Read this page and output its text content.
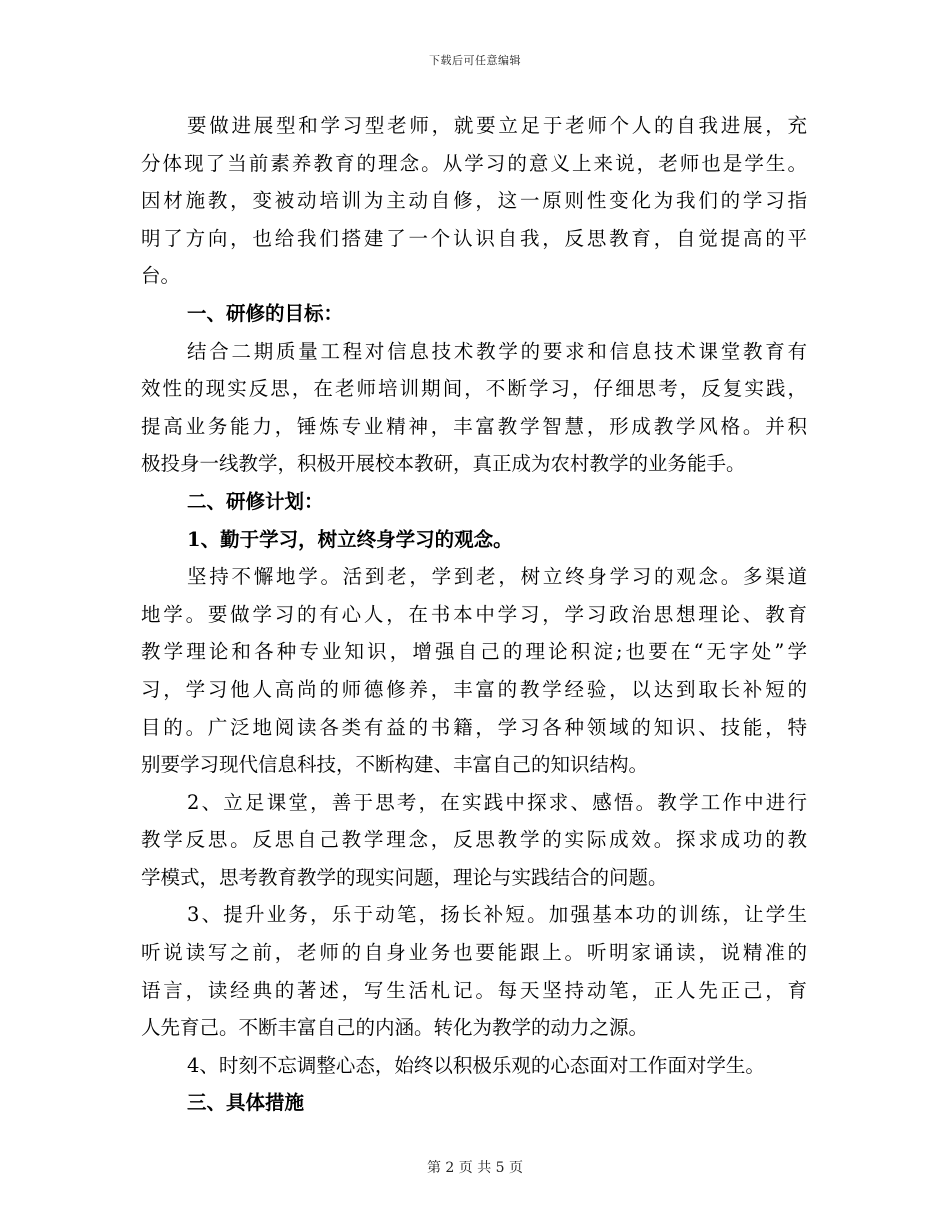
下载后可任意编辑
要做进展型和学习型老师，就要立足于老师个人的自我进展，充
分体现了当前素养教育的理念。从学习的意义上来说，老师也是学生。
因材施教，变被动培训为主动自修，这一原则性变化为我们的学习指
明了方向，也给我们搭建了一个认识自我，反思教育，自觉提高的平
台。
一、研修的目标：
结合二期质量工程对信息技术教学的要求和信息技术课堂教育有
效性的现实反思，在老师培训期间，不断学习，仔细思考，反复实践，
提高业务能力，锤炼专业精神，丰富教学智慧，形成教学风格。并积
极投身一线教学，积极开展校本教研，真正成为农村教学的业务能手。
二、研修计划：
1、勤于学习，树立终身学习的观念。
坚持不懈地学。活到老，学到老，树立终身学习的观念。多渠道
地学。要做学习的有心人，在书本中学习，学习政治思想理论、教育
教学理论和各种专业知识，增强自己的理论积淀;也要在“无字处”学
习，学习他人高尚的师德修养，丰富的教学经验，以达到取长补短的
目的。广泛地阅读各类有益的书籍，学习各种领域的知识、技能，特
别要学习现代信息科技，不断构建、丰富自己的知识结构。
2、立足课堂，善于思考，在实践中探求、感悟。教学工作中进行
教学反思。反思自己教学理念，反思教学的实际成效。探求成功的教
学模式，思考教育教学的现实问题，理论与实践结合的问题。
3、提升业务，乐于动笔，扬长补短。加强基本功的训练，让学生
听说读写之前，老师的自身业务也要能跟上。听明家诵读，说精准的
语言，读经典的著述，写生活札记。每天坚持动笔，正人先正己，育
人先育己。不断丰富自己的内涵。转化为教学的动力之源。
4、时刻不忘调整心态，始终以积极乐观的心态面对工作面对学生。
三、具体措施
第 2 页 共 5 页
